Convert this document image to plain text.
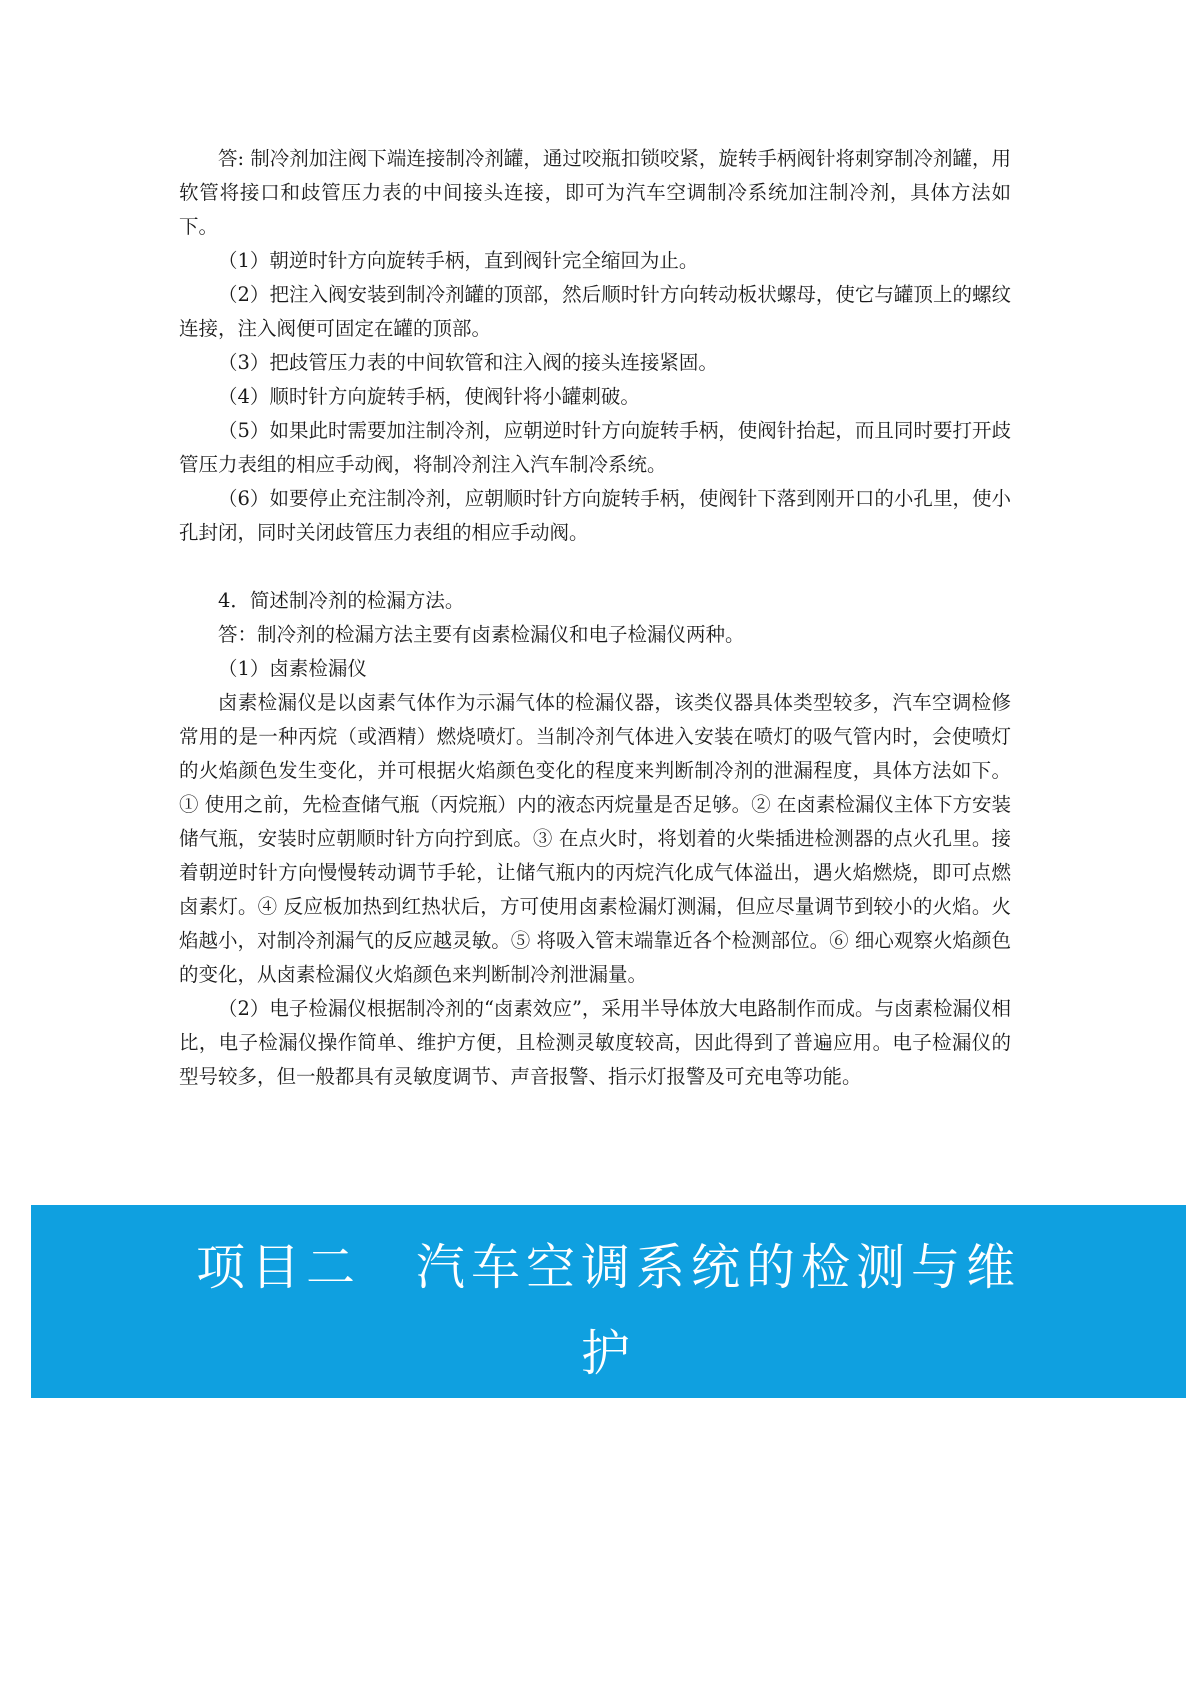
答: 制冷剂加注阀下端连接制冷剂罐，通过咬瓶扣锁咬紧，旋转手柄阀针将刺穿制冷剂罐，用软管将接口和歧管压力表的中间接头连接，即可为汽车空调制冷系统加注制冷剂，具体方法如下。

（1）朝逆时针方向旋转手柄，直到阀针完全缩回为止。

（2）把注入阀安装到制冷剂罐的顶部，然后顺时针方向转动板状螺母，使它与罐顶上的螺纹连接，注入阀便可固定在罐的顶部。

（3）把歧管压力表的中间软管和注入阀的接头连接紧固。

（4）顺时针方向旋转手柄，使阀针将小罐刺破。

（5）如果此时需要加注制冷剂，应朝逆时针方向旋转手柄，使阀针抬起，而且同时要打开歧管压力表组的相应手动阀，将制冷剂注入汽车制冷系统。

（6）如要停止充注制冷剂，应朝顺时针方向旋转手柄，使阀针下落到刚开口的小孔里，使小孔封闭，同时关闭歧管压力表组的相应手动阀。

4．简述制冷剂的检漏方法。

答：制冷剂的检漏方法主要有卤素检漏仪和电子检漏仪两种。

（1）卤素检漏仪

卤素检漏仪是以卤素气体作为示漏气体的检漏仪器，该类仪器具体类型较多，汽车空调检修常用的是一种丙烷（或酒精）燃烧喷灯。当制冷剂气体进入安装在喷灯的吸气管内时，会使喷灯的火焰颜色发生变化，并可根据火焰颜色变化的程度来判断制冷剂的泄漏程度，具体方法如下。① 使用之前，先检查储气瓶（丙烷瓶）内的液态丙烷量是否足够。② 在卤素检漏仪主体下方安装储气瓶，安装时应朝顺时针方向拧到底。③ 在点火时，将划着的火柴插进检测器的点火孔里。接着朝逆时针方向慢慢转动调节手轮，让储气瓶内的丙烷汽化成气体溢出，遇火焰燃烧，即可点燃卤素灯。④ 反应板加热到红热状后，方可使用卤素检漏灯测漏，但应尽量调节到较小的火焰。火焰越小，对制冷剂漏气的反应越灵敏。⑤ 将吸入管末端靠近各个检测部位。⑥ 细心观察火焰颜色的变化，从卤素检漏仪火焰颜色来判断制冷剂泄漏量。

（2）电子检漏仪根据制冷剂的“卤素效应”，采用半导体放大电路制作而成。与卤素检漏仪相比，电子检漏仪操作简单、维护方便，且检测灵敏度较高，因此得到了普遍应用。电子检漏仪的型号较多，但一般都具有灵敏度调节、声音报警、指示灯报警及可充电等功能。

项目二　汽车空调系统的检测与维
护
